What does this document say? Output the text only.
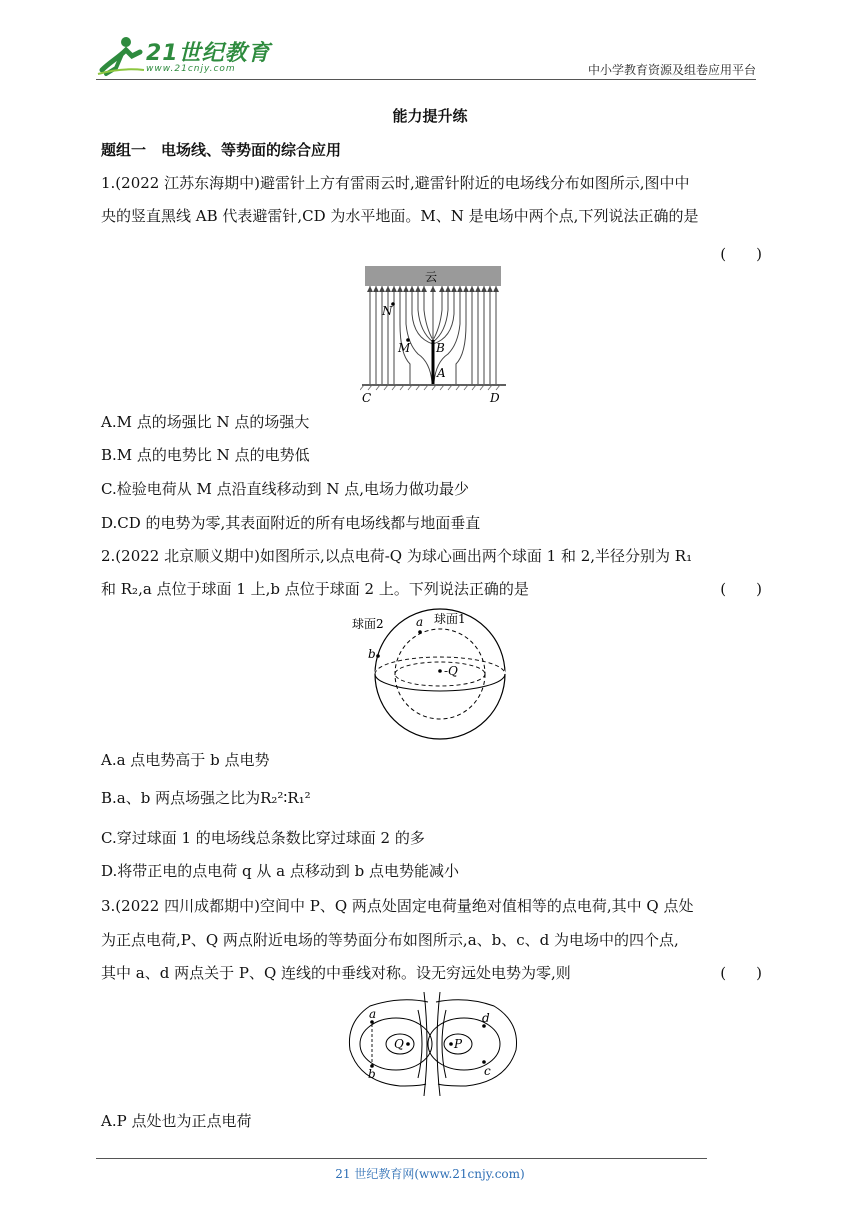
21世纪教育
www.21cnjy.com	中小学教育资源及组卷应用平台
能力提升练
题组一　电场线、等势面的综合应用
1.(2022 江苏东海期中)避雷针上方有雷雨云时,避雷针附近的电场线分布如图所示,图中中
央的竖直黑线 AB 代表避雷针,CD 为水平地面。M、N 是电场中两个点,下列说法正确的是
(　　)
云
N
M B
A
C	D
A.M 点的场强比 N 点的场强大
B.M 点的电势比 N 点的电势低
C.检验电荷从 M 点沿直线移动到 N 点,电场力做功最少
D.CD 的电势为零,其表面附近的所有电场线都与地面垂直
2.(2022 北京顺义期中)如图所示,以点电荷-Q 为球心画出两个球面 1 和 2,半径分别为 R₁
和 R₂,a 点位于球面 1 上,b 点位于球面 2 上。下列说法正确的是	(　　)
球面2	球面1
a
b
-Q
A.a 点电势高于 b 点电势
B.a、b 两点场强之比为R₂²∶R₁²
C.穿过球面 1 的电场线总条数比穿过球面 2 的多
D.将带正电的点电荷 q 从 a 点移动到 b 点电势能减小
3.(2022 四川成都期中)空间中 P、Q 两点处固定电荷量绝对值相等的点电荷,其中 Q 点处
为正点电荷,P、Q 两点附近电场的等势面分布如图所示,a、b、c、d 为电场中的四个点,
其中 a、d 两点关于 P、Q 连线的中垂线对称。设无穷远处电势为零,则	(　　)
a
b	c
d
Q	P
A.P 点处也为正点电荷
21 世纪教育网(www.21cnjy.com)
